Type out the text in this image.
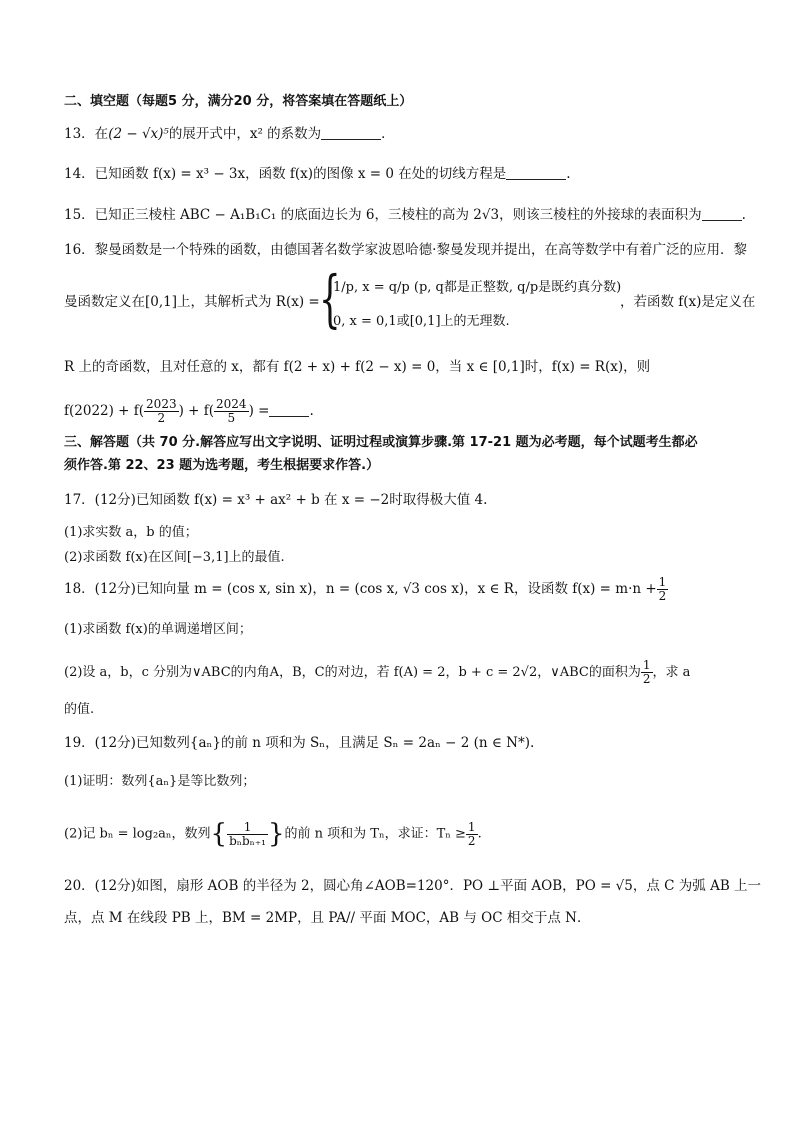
二、填空题（每题5 分，满分20 分，将答案填在答题纸上）
13．在(2 − √x)⁵的展开式中，x² 的系数为	．
14．已知函数 f(x) = x³ − 3x，函数 f(x)的图像 x = 0 在处的切线方程是	.
15．已知正三棱柱 ABC − A₁B₁C₁ 的底面边长为 6，三棱柱的高为 2√3，则该三棱柱的外接球的表面积为	.
16．黎曼函数是一个特殊的函数，由德国著名数学家波恩哈德·黎曼发现并提出，在高等数学中有着广泛的应用．黎
曼函数定义在[0,1]上，其解析式为 R(x) = {
1/p, x = q/p (p, q都是正整数, q/p是既约真分数)
0, x = 0,1或[0,1]上的无理数.
，若函数 f(x)是定义在
R 上的奇函数，且对任意的 x，都有 f(2 + x) + f(2 − x) = 0，当 x ∈ [0,1]时，f(x) = R(x)，则
$f(2022) + f( \frac{2023}{2}$ ) + $f( \frac{2024}{5}$ ) =	.
三、解答题（共 70 分.解答应写出文字说明、证明过程或演算步骤.第 17-21 题为必考题，每个试题考生都必
须作答.第 22、23 题为选考题，考生根据要求作答.）
17．(12分)已知函数 f(x) = x³ + ax² + b 在 x = −2时取得极大值 4.
(1)求实数 a，b 的值；
(2)求函数 f(x)在区间[−3,1]上的最值.
18．(12分)已知向量 m = (cos x, sin x)，n = (cos x, √3 cos x)，x ∈ R，设函数 $f(x) = m\cdot n + \frac{1}{2}$
(1)求函数 f(x)的单调递增区间；
(2)设 a，b，c 分别为∨ABC的内角A，B，C的对边，若 f(A) = 2，b + c = 2√2，∨ABC的面积为 $\frac{1}{2}$ ，求 a
的值.
19．(12分)已知数列{aₙ}的前 n 项和为 Sₙ，且满足 Sₙ = 2aₙ − 2 (n ∈ N*).
(1)证明：数列{aₙ}是等比数列；
(2)记 bₙ = log₂aₙ，数列{ $\frac{1}{\text{bₙbₙ₊₁}}$ }的前 n 项和为 Tₙ，求证：$T_n \ge \frac{1}{2}$ .
20．(12分)如图，扇形 AOB 的半径为 2，圆心角∠AOB=120°．PO ⊥平面 AOB，PO = √5，点 C 为弧 AB 上一
点，点 M 在线段 PB 上，BM = 2MP，且 PA// 平面 MOC，AB 与 OC 相交于点 N．
